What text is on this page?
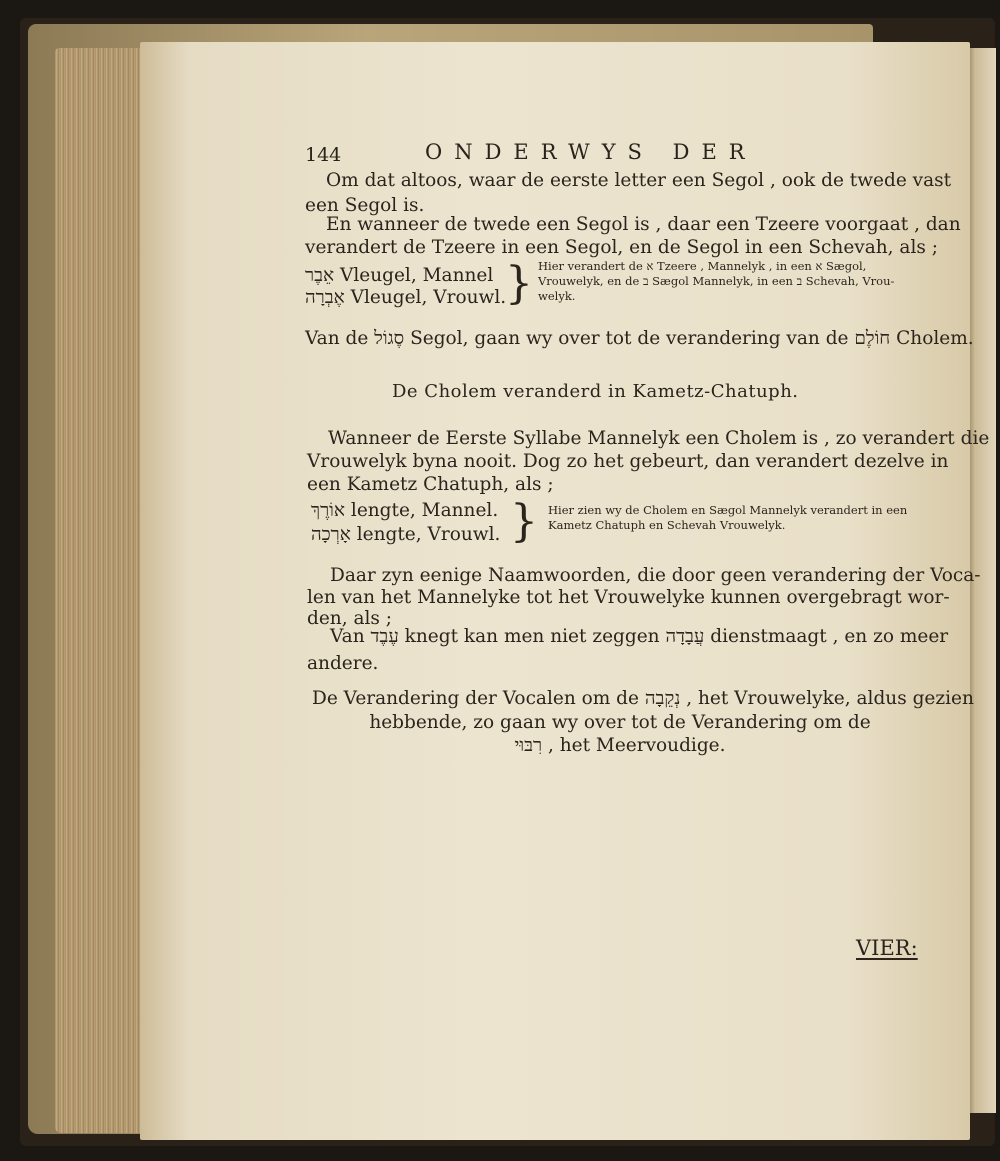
144	ONDERWYS DER
Om dat altoos, waar de eerste letter een Segol , ook de twede vast
een Segol is.
En wanneer de twede een Segol is , daar een Tzeere voorgaat , dan
verandert de Tzeere in een Segol, en de Segol in een Schevah, als ;
אֵבֶר Vleugel, Mannel
אֶבְרָה Vleugel, Vrouwl.
} Hier verandert de א Tzeere , Mannelyk , in een א Sægol,
Vrouwelyk, en de ב Sægol Mannelyk, in een ב Schevah, Vrou-
welyk.
Van de סֶגוֹל Segol, gaan wy over tot de verandering van de חוֹלֶם Cholem.
De Cholem veranderd in Kametz-Chatuph.
Wanneer de Eerste Syllabe Mannelyk een Cholem is , zo verandert die
Vrouwelyk byna nooit. Dog zo het gebeurt, dan verandert dezelve in
een Kametz Chatuph, als ;
אוֹרֶךְ lengte, Mannel.
אָרְכָה lengte, Vrouwl. } Hier zien wy de Cholem en Sægol Mannelyk verandert in een
Kametz Chatuph en Schevah Vrouwelyk.
Daar zyn eenige Naamwoorden, die door geen verandering der Voca-
len van het Mannelyke tot het Vrouwelyke kunnen overgebragt wor-
den, als ;
Van עֶבֶד knegt kan men niet zeggen עֲבָדָה dienstmaagt , en zo meer
andere.
De Verandering der Vocalen om de נְקֵבָה , het Vrouwelyke, aldus gezien
hebbende, zo gaan wy over tot de Verandering om de
רִבּוּי , het Meervoudige.
VIER:
